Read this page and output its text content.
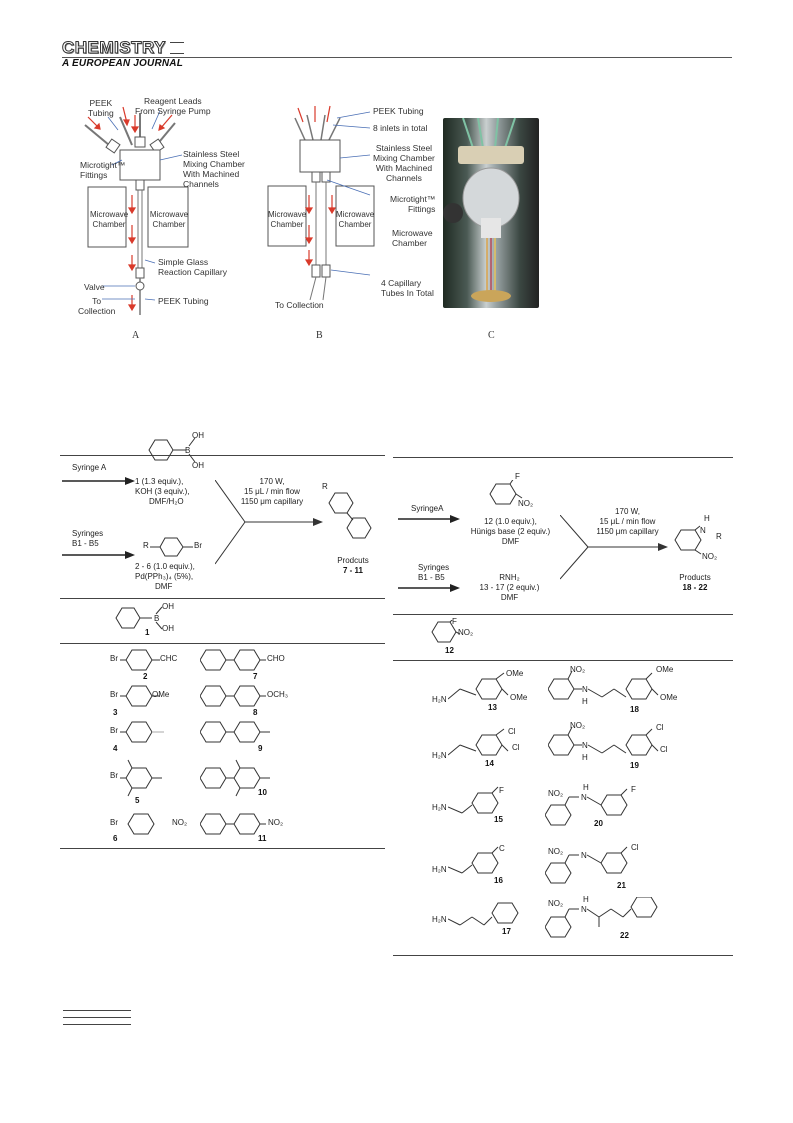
CHEMISTRY
A EUROPEAN JOURNAL
PEEK
Tubing
Reagent Leads
From Syringe Pump
Stainless Steel
Mixing Chamber
With Machined
Channels
Microtight™
Fittings
Microwave
Chamber
Microwave
Chamber
Simple Glass
Reaction Capillary
Valve
To
Collection
PEEK Tubing
A
PEEK Tubing
8 inlets in total
Stainless Steel
Mixing Chamber
With Machined
Channels
Microtight™
Fittings
Microwave
Chamber
Microwave
Chamber
Microwave
Chamber
4 Capillary
Tubes In Total
To Collection
B	C
Syringe A
OH
B
OH
1 (1.3 equiv.),
KOH (3 equiv.),
DMF/H₂O
Syringes
B1 - B5	R	Br
2 - 6 (1.0 equiv.),
Pd(PPh₃)₄ (5%),
DMF
170 W,
15 μL / min flow
1150 μm capillary
R
Prodcuts
7 - 11
OH
B
OH
1
Br	CHC
2
CHO
7
Br	OMe
3
OCH₃
8
Br
4	9
Br
5
10
Br	NO₂
6
NO₂
11
F
NO₂
SyringeA
12 (1.0 equiv.),
Hünigs base (2 equiv.)
DMF
Syringes
B1 - B5	RNH₂
13 - 17 (2 equiv.)
DMF
170 W,
15 μL / min flow
1150 μm capillary
H
N
R
NO₂
Products
18 - 22
F
NO₂
12
H₂N
OMe
OMe
13
NO₂
N
H
OMe
OMe
18
H₂N
Cl
Cl
14
NO₂
N
H
Cl
Cl
19
H₂N
F
15
NO₂
H
N
F
20
H₂N
C
16
NO₂ N
Cl
21
H₂N
17
NO₂ H
N
22
